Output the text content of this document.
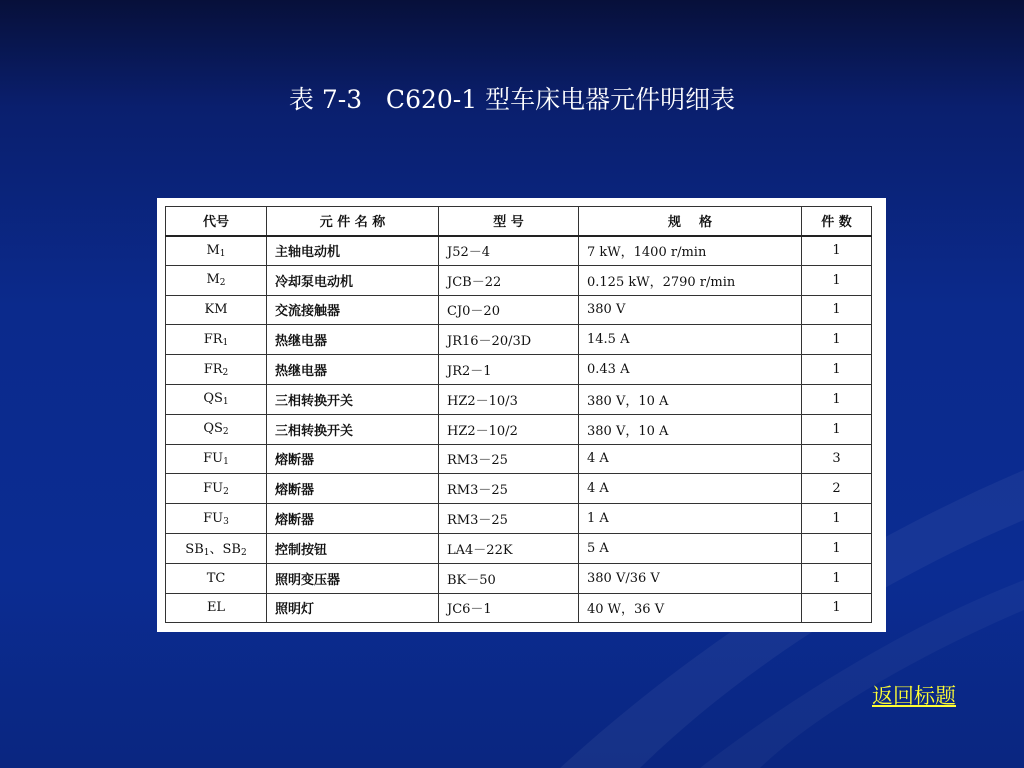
表 7-3   C620-1 型车床电器元件明细表
代号	元 件 名 称	型 号	规    格	件 数
$M_1$	主轴电动机	J52－4	7 kW，1400 r/min	1
$M_2$	冷却泵电动机	JCB－22	0.125 kW，2790 r/min	1
KM	交流接触器	CJ0－20	380 V	1
$FR_1$	热继电器	JR16－20/3D	14.5 A	1
$FR_2$	热继电器	JR2－1	0.43 A	1
$QS_1$	三相转换开关	HZ2－10/3	380 V，10 A	1
$QS_2$	三相转换开关	HZ2－10/2	380 V，10 A	1
$FU_1$	熔断器	RM3－25	4 A	3
$FU_2$	熔断器	RM3－25	4 A	2
$FU_3$	熔断器	RM3－25	1 A	1
$SB_1$、$SB_2$	控制按钮	LA4－22K	5 A	1
TC	照明变压器	BK－50	380 V/36 V	1
EL	照明灯	JC6－1	40 W，36 V	1
返回标题
